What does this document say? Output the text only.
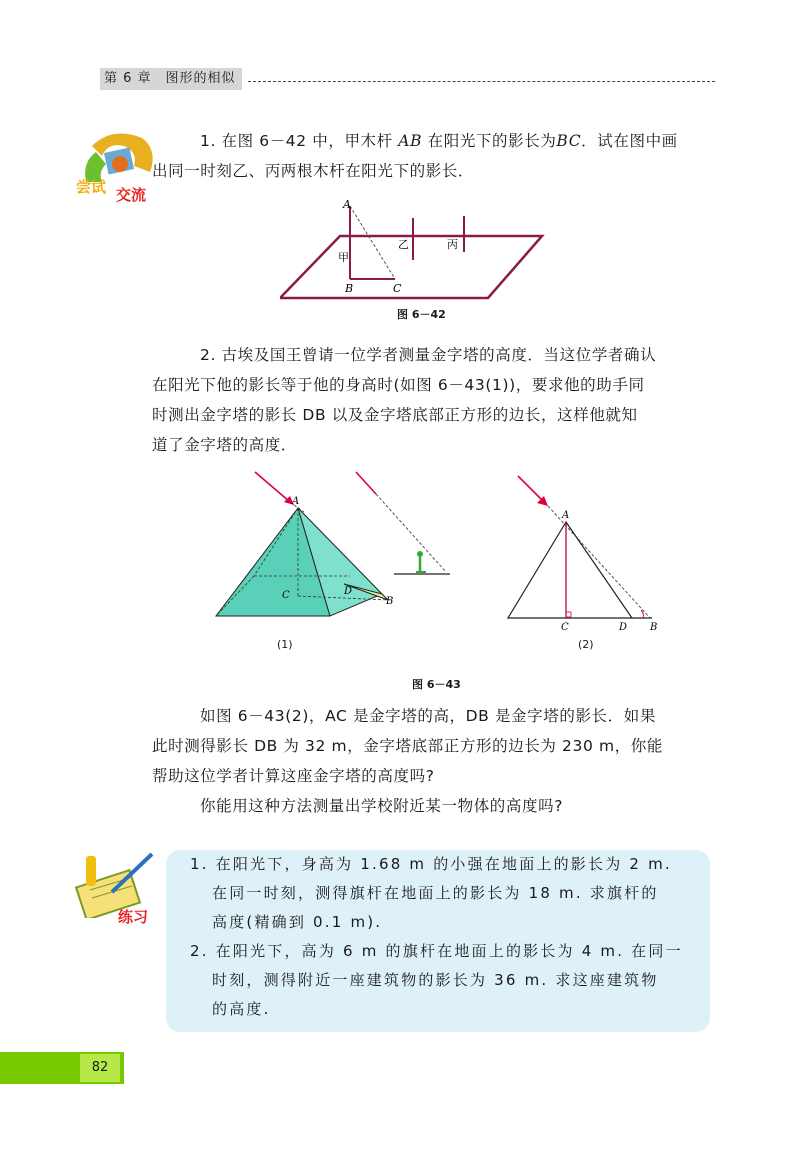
第 6 章　图形的相似
尝试 交流
1. 在图 6－42 中，甲木杆 AB 在阳光下的影长为BC．试在图中画
出同一时刻乙、丙两根木杆在阳光下的影长．
A
B	C
甲
乙	丙
图 6－42
2. 古埃及国王曾请一位学者测量金字塔的高度．当这位学者确认
在阳光下他的影长等于他的身高时(如图 6－43(1))，要求他的助手同
时测出金字塔的影长 DB 以及金字塔底部正方形的边长，这样他就知
道了金字塔的高度．
A
C	D
B
(1)
A
C	D B
(2)
图 6－43
如图 6－43(2)，AC 是金字塔的高，DB 是金字塔的影长．如果
此时测得影长 DB 为 32 m，金字塔底部正方形的边长为 230 m，你能
帮助这位学者计算这座金字塔的高度吗?
你能用这种方法测量出学校附近某一物体的高度吗?
练习
1. 在阳光下，身高为 1.68 m 的小强在地面上的影长为 2 m.
在同一时刻，测得旗杆在地面上的影长为 18 m. 求旗杆的
高度(精确到 0.1 m).
2. 在阳光下，高为 6 m 的旗杆在地面上的影长为 4 m. 在同一
时刻，测得附近一座建筑物的影长为 36 m. 求这座建筑物
的高度.
82
